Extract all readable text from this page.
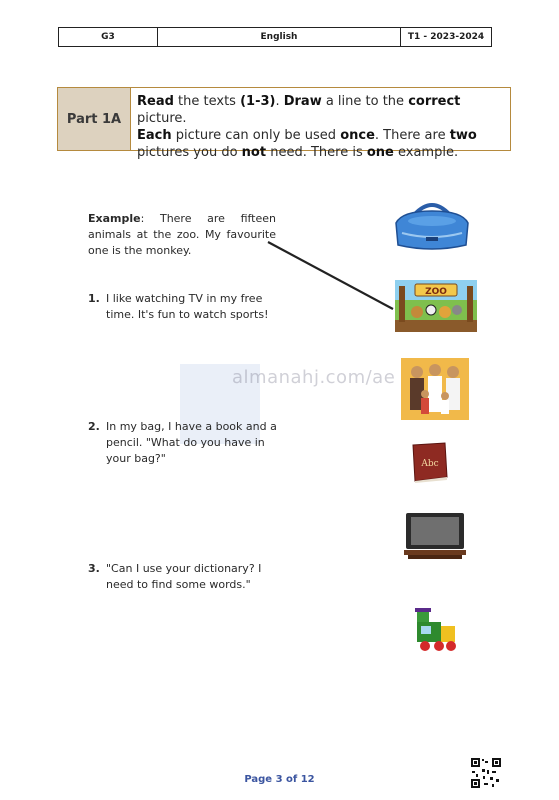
G3	English	T1 - 2023-2024
Part 1A
Read the texts (1-3). Draw a line to the correct picture.
Each picture can only be used once. There are two
pictures you do not need. There is one example.
almanahj.com/ae
Example: There are fifteen animals at the zoo. My favourite one is the monkey.
1. I like watching TV in my free time. It's fun to watch sports!
2. In my bag, I have a book and a pencil. "What do you have in your bag?"
3. "Can I use your dictionary? I need to find some words."
ZOO
Abc
Page 3 of 12
